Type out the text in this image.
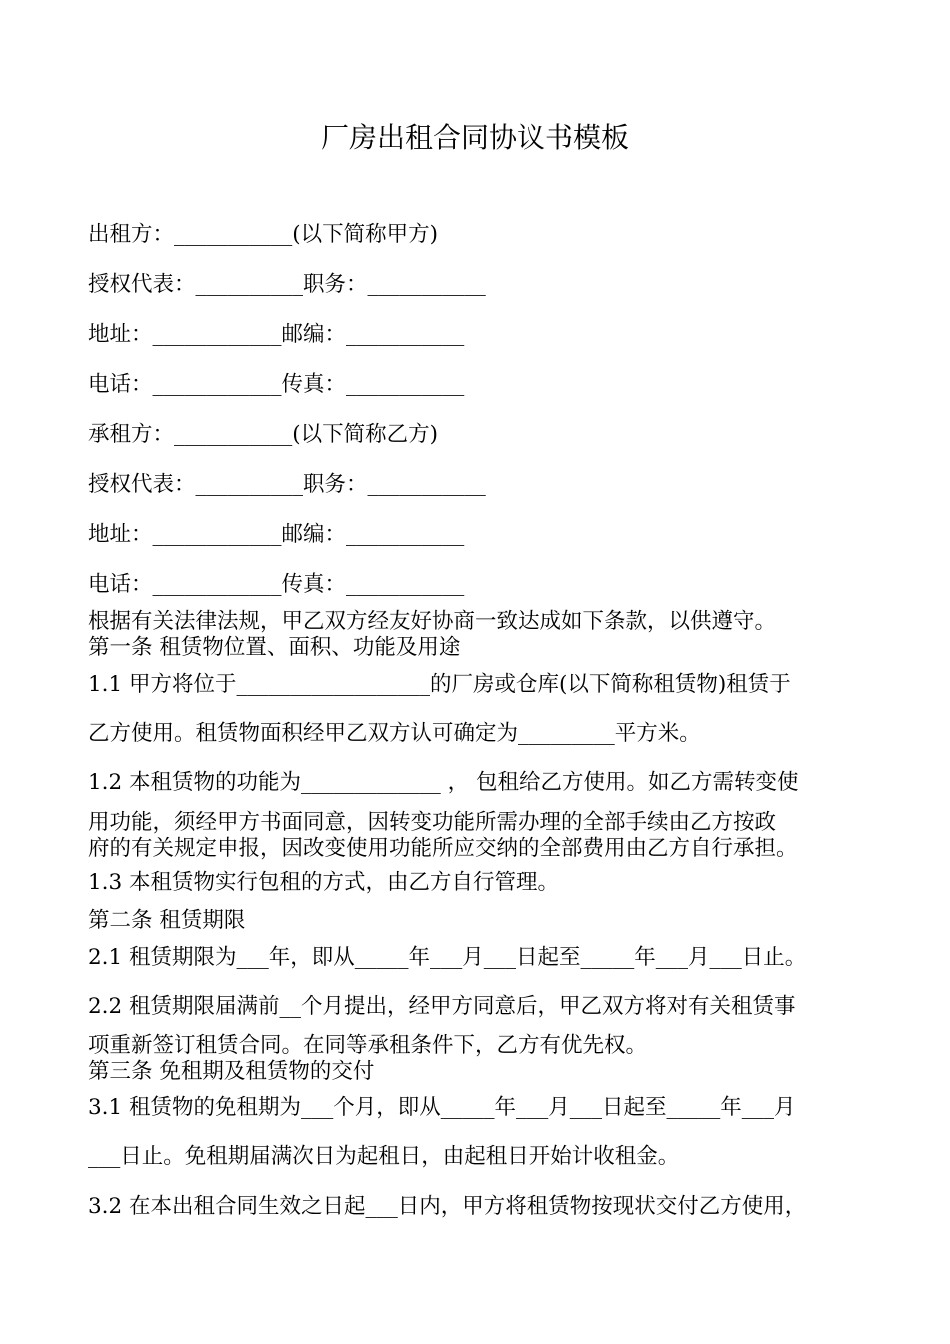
厂房出租合同协议书模板
出租方：___________(以下简称甲方)
授权代表：__________职务：___________
地址：____________邮编：___________
电话：____________传真：___________
承租方：___________(以下简称乙方)
授权代表：__________职务：___________
地址：____________邮编：___________
电话：____________传真：___________
根据有关法律法规，甲乙双方经友好协商一致达成如下条款，以供遵守。
第一条 租赁物位置、面积、功能及用途
1.1 甲方将位于__________________的厂房或仓库(以下简称租赁物)租赁于
乙方使用。租赁物面积经甲乙双方认可确定为_________平方米。
1.2 本租赁物的功能为_____________ ， 包租给乙方使用。如乙方需转变使
用功能，须经甲方书面同意，因转变功能所需办理的全部手续由乙方按政
府的有关规定申报，因改变使用功能所应交纳的全部费用由乙方自行承担。
1.3 本租赁物实行包租的方式，由乙方自行管理。
第二条 租赁期限
2.1 租赁期限为___年，即从_____年___月___日起至_____年___月___日止。
2.2 租赁期限届满前__个月提出，经甲方同意后，甲乙双方将对有关租赁事
项重新签订租赁合同。在同等承租条件下，乙方有优先权。
第三条 免租期及租赁物的交付
3.1 租赁物的免租期为___个月，即从_____年___月___日起至_____年___月
___日止。免租期届满次日为起租日，由起租日开始计收租金。
3.2 在本出租合同生效之日起___日内，甲方将租赁物按现状交付乙方使用，
